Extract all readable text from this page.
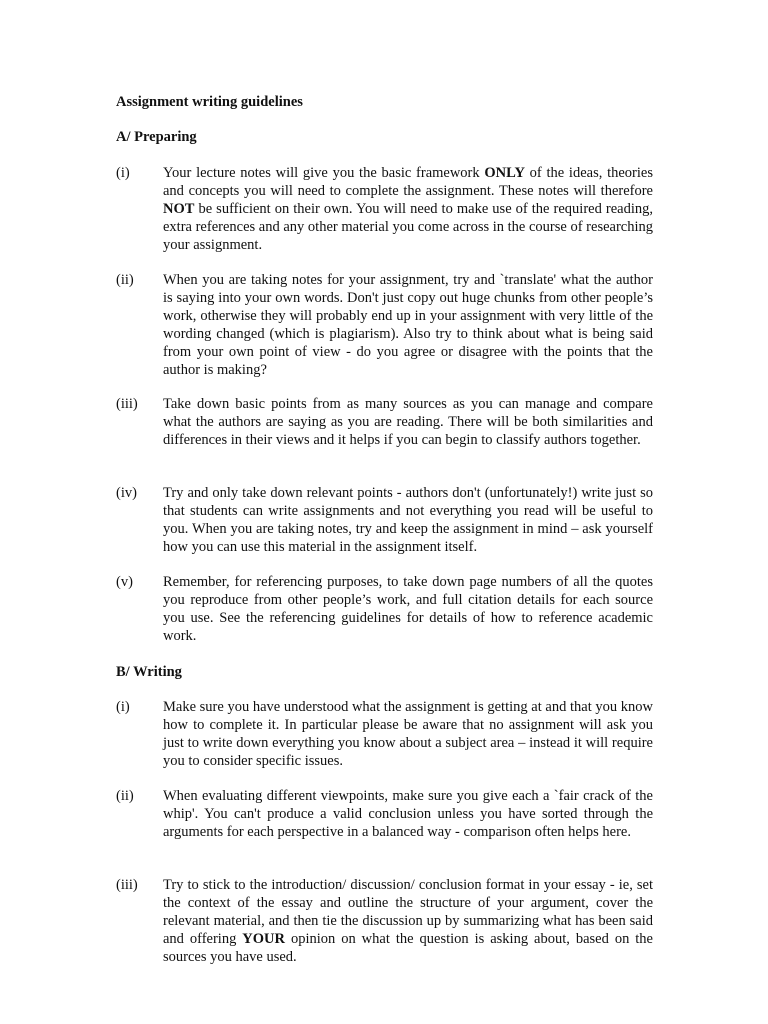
Assignment writing guidelines
A/ Preparing
(i) Your lecture notes will give you the basic framework ONLY of the ideas, theories and concepts you will need to complete the assignment. These notes will therefore NOT be sufficient on their own. You will need to make use of the required reading, extra references and any other material you come across in the course of researching your assignment.
(ii) When you are taking notes for your assignment, try and `translate' what the author is saying into your own words. Don't just copy out huge chunks from other people’s work, otherwise they will probably end up in your assignment with very little of the wording changed (which is plagiarism). Also try to think about what is being said from your own point of view - do you agree or disagree with the points that the author is making?
(iii) Take down basic points from as many sources as you can manage and compare what the authors are saying as you are reading. There will be both similarities and differences in their views and it helps if you can begin to classify authors together.
(iv) Try and only take down relevant points - authors don't (unfortunately!) write just so that students can write assignments and not everything you read will be useful to you. When you are taking notes, try and keep the assignment in mind – ask yourself how you can use this material in the assignment itself.
(v) Remember, for referencing purposes, to take down page numbers of all the quotes you reproduce from other people’s work, and full citation details for each source you use. See the referencing guidelines for details of how to reference academic work.
B/ Writing
(i) Make sure you have understood what the assignment is getting at and that you know how to complete it. In particular please be aware that no assignment will ask you just to write down everything you know about a subject area – instead it will require you to consider specific issues.
(ii) When evaluating different viewpoints, make sure you give each a `fair crack of the whip'. You can't produce a valid conclusion unless you have sorted through the arguments for each perspective in a balanced way - comparison often helps here.
(iii) Try to stick to the introduction/ discussion/ conclusion format in your essay - ie, set the context of the essay and outline the structure of your argument, cover the relevant material, and then tie the discussion up by summarizing what has been said and offering YOUR opinion on what the question is asking about, based on the sources you have used.
